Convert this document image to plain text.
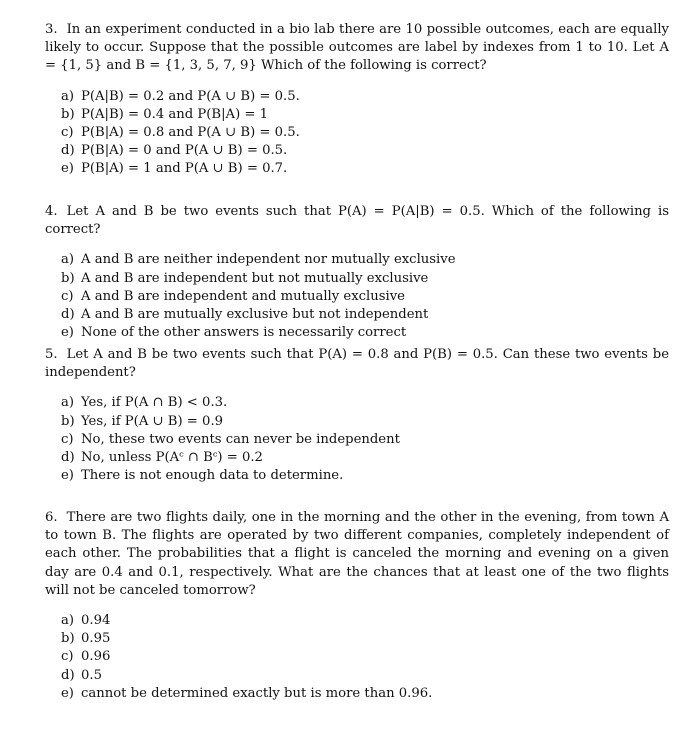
3. In an experiment conducted in a bio lab there are 10 possible outcomes, each are equally likely to occur. Suppose that the possible outcomes are label by indexes from 1 to 10. Let A = {1, 5} and B = {1, 3, 5, 7, 9} Which of the following is correct?

a) P(A|B) = 0.2 and P(A ∪ B) = 0.5.
b) P(A|B) = 0.4 and P(B|A) = 1
c) P(B|A) = 0.8 and P(A ∪ B) = 0.5.
d) P(B|A) = 0 and P(A ∪ B) = 0.5.
e) P(B|A) = 1 and P(A ∪ B) = 0.7.

4. Let A and B be two events such that P(A) = P(A|B) = 0.5. Which of the following is correct?

a) A and B are neither independent nor mutually exclusive
b) A and B are independent but not mutually exclusive
c) A and B are independent and mutually exclusive
d) A and B are mutually exclusive but not independent
e) None of the other answers is necessarily correct

5. Let A and B be two events such that P(A) = 0.8 and P(B) = 0.5. Can these two events be independent?

a) Yes, if P(A ∩ B) < 0.3.
b) Yes, if P(A ∪ B) = 0.9
c) No, these two events can never be independent
d) No, unless P(Aᶜ ∩ Bᶜ) = 0.2
e) There is not enough data to determine.

6. There are two flights daily, one in the morning and the other in the evening, from town A to town B. The flights are operated by two different companies, completely independent of each other. The probabilities that a flight is canceled the morning and evening on a given day are 0.4 and 0.1, respectively. What are the chances that at least one of the two flights will not be canceled tomorrow?

a) 0.94
b) 0.95
c) 0.96
d) 0.5
e) cannot be determined exactly but is more than 0.96.
